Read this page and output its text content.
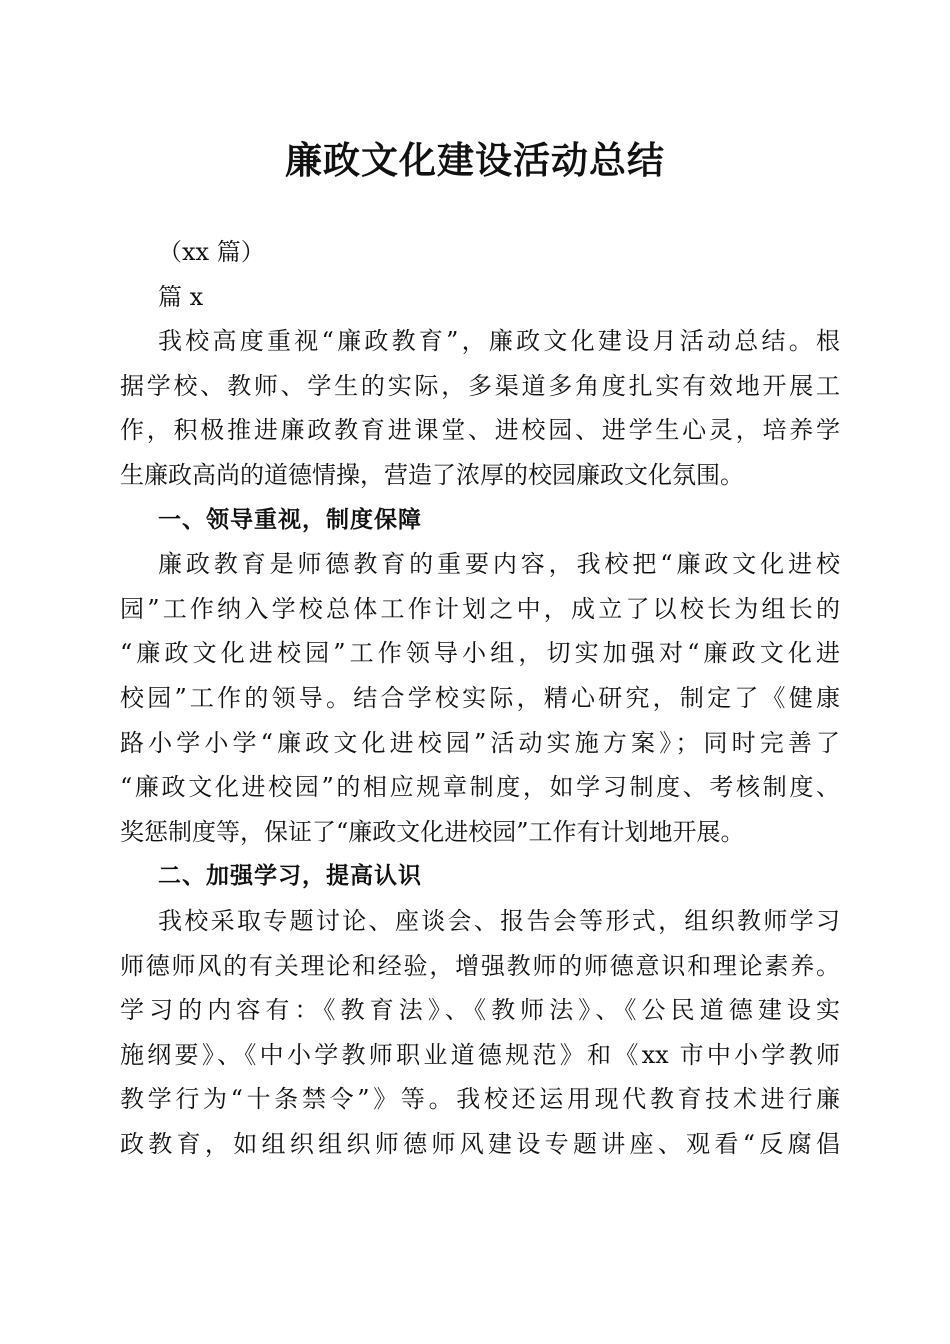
廉政文化建设活动总结
（xx 篇）
篇 x
我校高度重视“廉政教育”，廉政文化建设月活动总结。根
据学校、教师、学生的实际，多渠道多角度扎实有效地开展工
作，积极推进廉政教育进课堂、进校园、进学生心灵，培养学
生廉政高尚的道德情操，营造了浓厚的校园廉政文化氛围。
一、领导重视，制度保障
廉政教育是师德教育的重要内容，我校把“廉政文化进校
园”工作纳入学校总体工作计划之中，成立了以校长为组长的
“廉政文化进校园”工作领导小组，切实加强对“廉政文化进
校园”工作的领导。结合学校实际，精心研究，制定了《健康
路小学小学“廉政文化进校园”活动实施方案》；同时完善了
“廉政文化进校园”的相应规章制度，如学习制度、考核制度、
奖惩制度等，保证了“廉政文化进校园”工作有计划地开展。
二、加强学习，提高认识
我校采取专题讨论、座谈会、报告会等形式，组织教师学习
师德师风的有关理论和经验，增强教师的师德意识和理论素养。
学习的内容有：《教育法》、《教师法》、《公民道德建设实
施纲要》、《中小学教师职业道德规范》和《xx 市中小学教师
教学行为“十条禁令”》等。我校还运用现代教育技术进行廉
政教育，如组织组织师德师风建设专题讲座、观看“反腐倡
